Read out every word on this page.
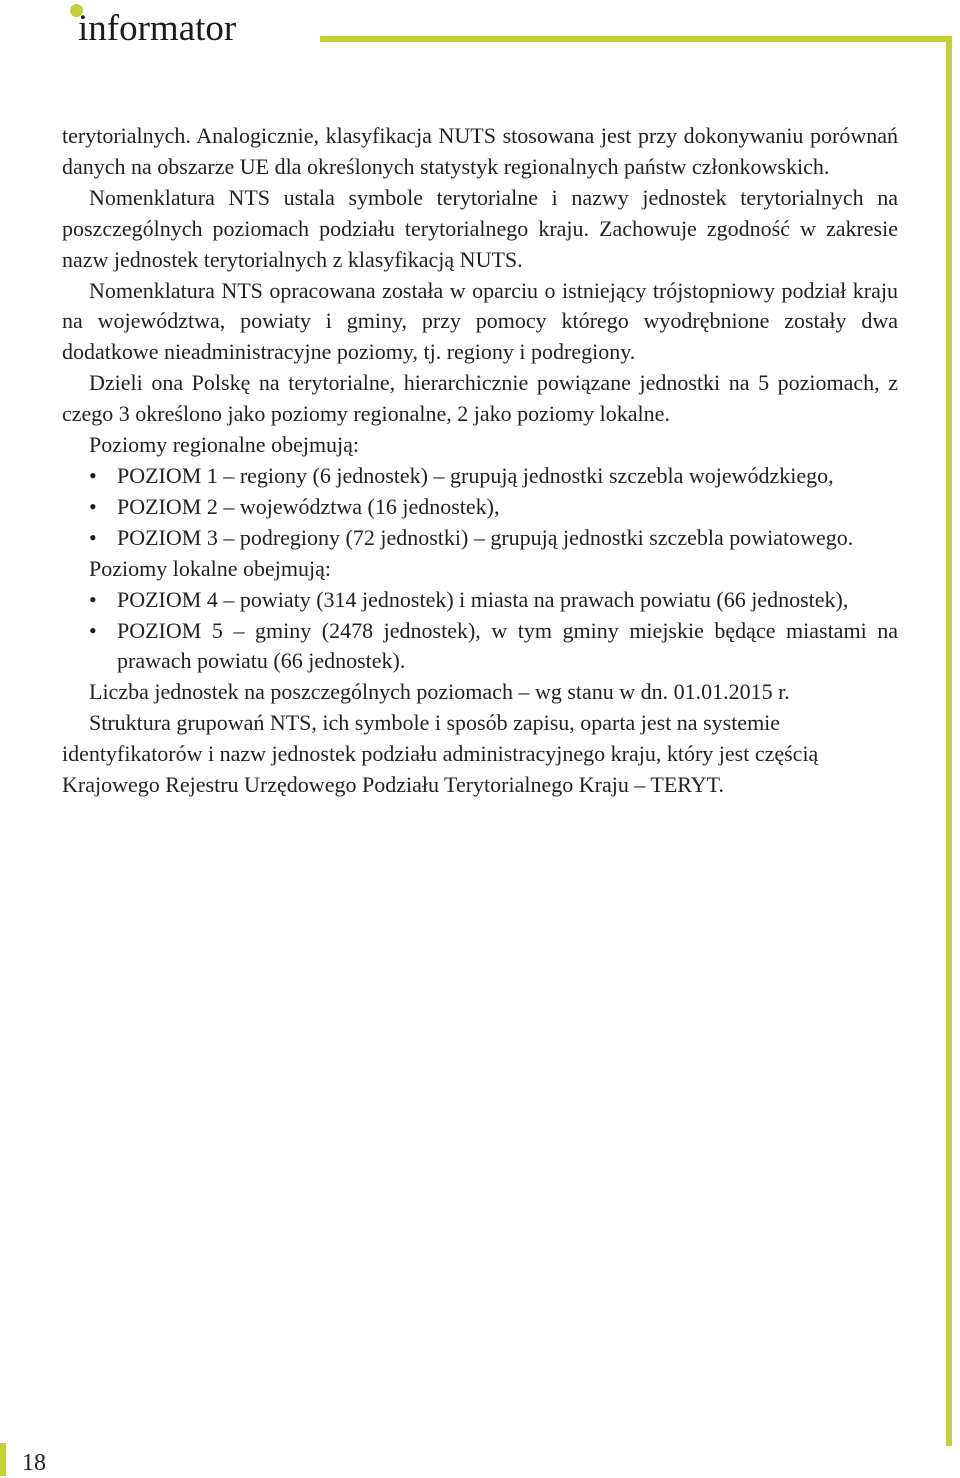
informator

terytorialnych. Analogicznie, klasyfikacja NUTS stosowana jest przy dokonywaniu porównań danych na obszarze UE dla określonych statystyk regionalnych państw członkowskich.

Nomenklatura NTS ustala symbole terytorialne i nazwy jednostek terytorialnych na poszczególnych poziomach podziału terytorialnego kraju. Zachowuje zgodność w zakresie nazw jednostek terytorialnych z klasyfikacją NUTS.

Nomenklatura NTS opracowana została w oparciu o istniejący trójstopniowy podział kraju na województwa, powiaty i gminy, przy pomocy którego wyodrębnione zostały dwa dodatkowe nieadministracyjne poziomy, tj. regiony i podregiony.

Dzieli ona Polskę na terytorialne, hierarchicznie powiązane jednostki na 5 poziomach, z czego 3 określono jako poziomy regionalne, 2 jako poziomy lokalne.

Poziomy regionalne obejmują:

• POZIOM 1 – regiony (6 jednostek) – grupują jednostki szczebla wojewódzkiego,
• POZIOM 2 – województwa (16 jednostek),
• POZIOM 3 – podregiony (72 jednostki) – grupują jednostki szczebla powiatowego.

Poziomy lokalne obejmują:

• POZIOM 4 – powiaty (314 jednostek) i miasta na prawach powiatu (66 jednostek),
• POZIOM 5 – gminy (2478 jednostek), w tym gminy miejskie będące miastami na prawach powiatu (66 jednostek).

Liczba jednostek na poszczególnych poziomach – wg stanu w dn. 01.01.2015 r.

Struktura grupowań NTS, ich symbole i sposób zapisu, oparta jest na systemie identyfikatorów i nazw jednostek podziału administracyjnego kraju, który jest częścią Krajowego Rejestru Urzędowego Podziału Terytorialnego Kraju – TERYT.

18
